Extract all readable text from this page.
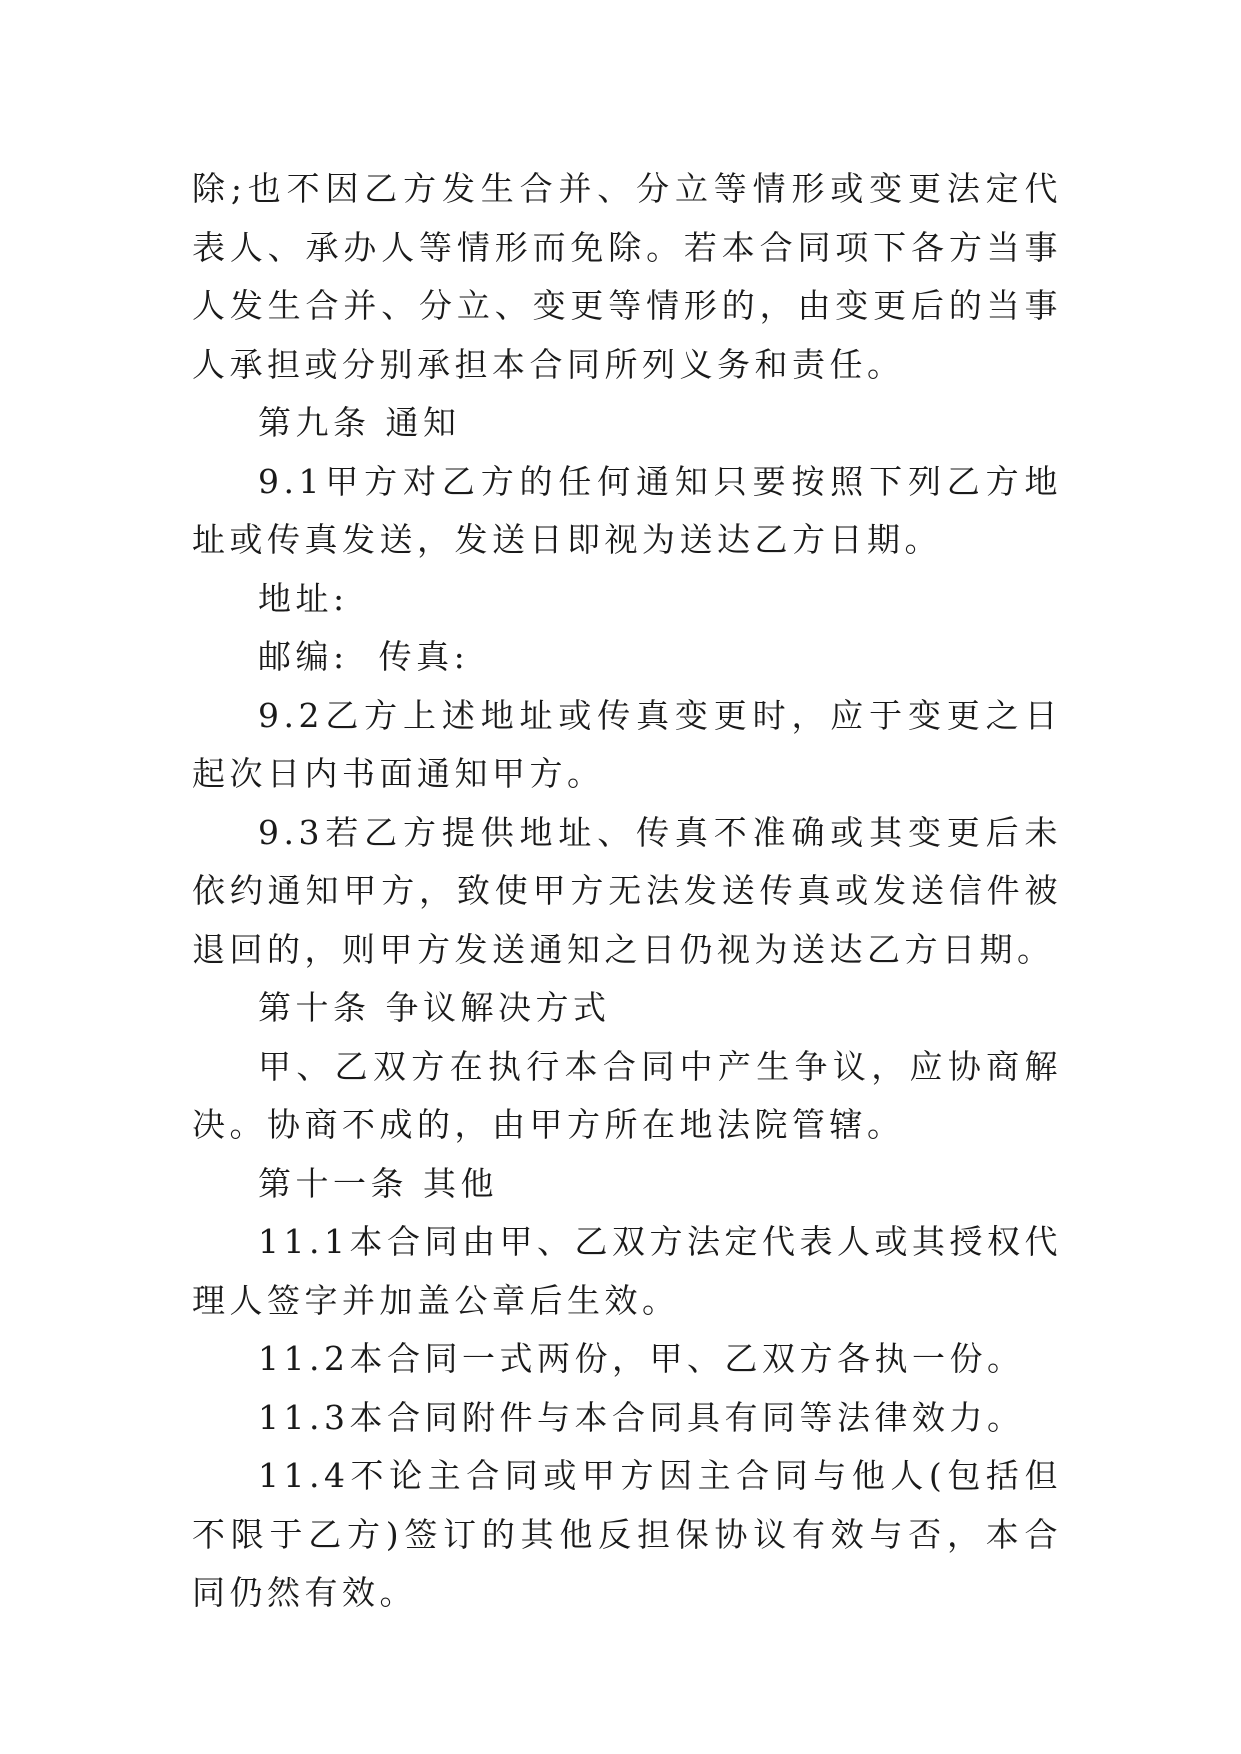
除;也不因乙方发生合并、分立等情形或变更法定代表人、承办人等情形而免除。若本合同项下各方当事人发生合并、分立、变更等情形的，由变更后的当事人承担或分别承担本合同所列义务和责任。

第九条 通知

9.1甲方对乙方的任何通知只要按照下列乙方地址或传真发送，发送日即视为送达乙方日期。

地址:

邮编:  传真:

9.2乙方上述地址或传真变更时，应于变更之日起次日内书面通知甲方。

9.3若乙方提供地址、传真不准确或其变更后未依约通知甲方，致使甲方无法发送传真或发送信件被退回的，则甲方发送通知之日仍视为送达乙方日期。

第十条 争议解决方式

甲、乙双方在执行本合同中产生争议，应协商解决。协商不成的，由甲方所在地法院管辖。

第十一条 其他

11.1本合同由甲、乙双方法定代表人或其授权代理人签字并加盖公章后生效。

11.2本合同一式两份，甲、乙双方各执一份。

11.3本合同附件与本合同具有同等法律效力。

11.4不论主合同或甲方因主合同与他人(包括但不限于乙方)签订的其他反担保协议有效与否，本合同仍然有效。
